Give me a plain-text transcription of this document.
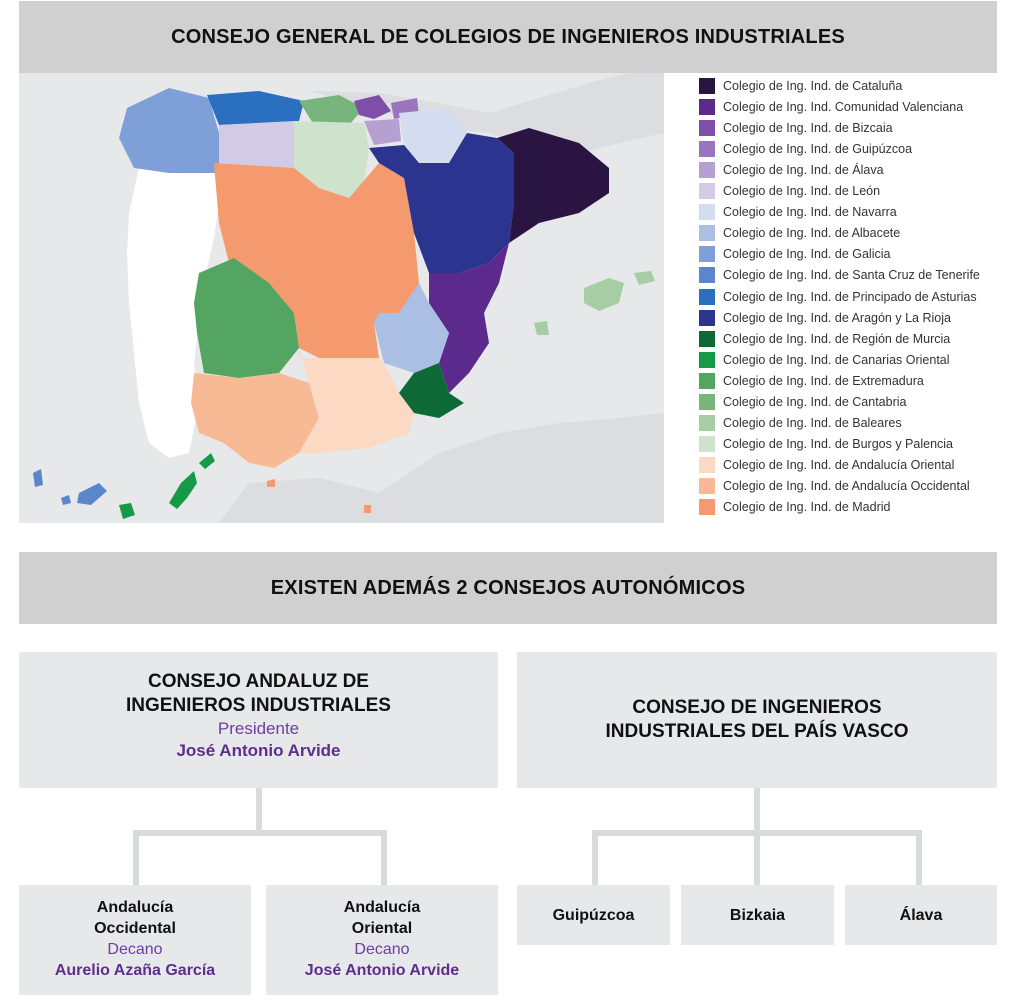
CONSEJO GENERAL DE COLEGIOS DE INGENIEROS INDUSTRIALES
Colegio de Ing. Ind. de Cataluña
Colegio de Ing. Ind. Comunidad Valenciana
Colegio de Ing. Ind. de Bizcaia
Colegio de Ing. Ind. de Guipúzcoa
Colegio de Ing. Ind. de Álava
Colegio de Ing. Ind. de León
Colegio de Ing. Ind. de Navarra
Colegio de Ing. Ind. de Albacete
Colegio de Ing. Ind. de Galicia
Colegio de Ing. Ind. de Santa Cruz de Tenerife
Colegio de Ing. Ind. de Principado de Asturias
Colegio de Ing. Ind. de Aragón y La Rioja
Colegio de Ing. Ind. de Región de Murcia
Colegio de Ing. Ind. de Canarias Oriental
Colegio de Ing. Ind. de Extremadura
Colegio de Ing. Ind. de Cantabria
Colegio de Ing. Ind. de Baleares
Colegio de Ing. Ind. de Burgos y Palencia
Colegio de Ing. Ind. de Andalucía Oriental
Colegio de Ing. Ind. de Andalucía Occidental
Colegio de Ing. Ind. de Madrid
EXISTEN ADEMÁS 2 CONSEJOS AUTONÓMICOS
CONSEJO ANDALUZ DE
INGENIEROS INDUSTRIALES
Presidente
José Antonio Arvide
CONSEJO DE INGENIEROS
INDUSTRIALES DEL PAÍS VASCO
Andalucía
Occidental
Decano
Aurelio Azaña García
Andalucía
Oriental
Decano
José Antonio Arvide
Guipúzcoa	Bizkaia	Álava
